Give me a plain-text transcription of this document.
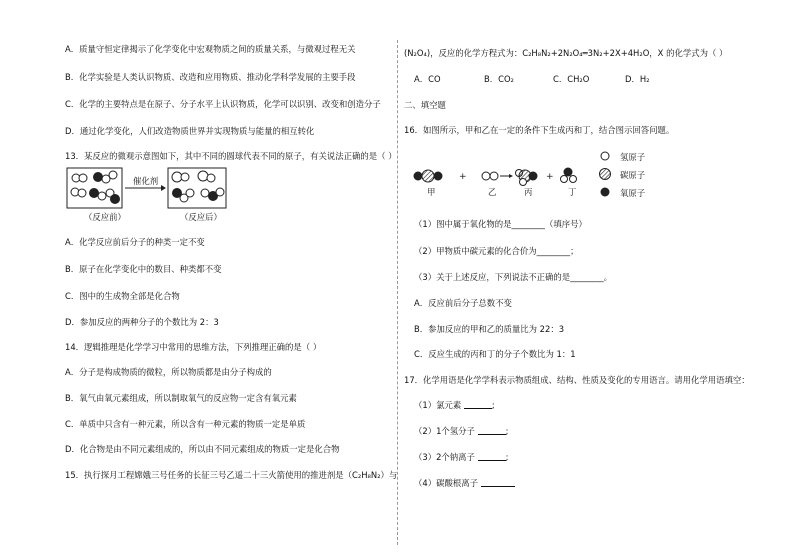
A．质量守恒定律揭示了化学变化中宏观物质之间的质量关系，与微观过程无关
B．化学实验是人类认识物质、改造和应用物质、推动化学科学发展的主要手段
C．化学的主要特点是在原子、分子水平上认识物质，化学可以识别、改变和创造分子
D．通过化学变化，人们改造物质世界并实现物质与能量的相互转化
13．某反应的微观示意图如下，其中不同的圆球代表不同的原子，有关说法正确的是（ ）
催化剂
（反应前）	（反应后）
A．化学反应前后分子的种类一定不变
B．原子在化学变化中的数目、种类都不变
C．图中的生成物全部是化合物
D．参加反应的两种分子的个数比为 2：3
14．逻辑推理是化学学习中常用的思维方法，下列推理正确的是（ ）
A．分子是构成物质的微粒，所以物质都是由分子构成的
B．氧气由氧元素组成，所以制取氧气的反应物一定含有氧元素
C．单质中只含有一种元素，所以含有一种元素的物质一定是单质
D．化合物是由不同元素组成的，所以由不同元素组成的物质一定是化合物
15．执行探月工程嫦娥三号任务的长征三号乙遥二十三火箭使用的推进剂是（C₂H₈N₂）与
(N₂O₄)，反应的化学方程式为：C₂H₈N₂+2N₂O₄═3N₂+2X+4H₂O，X 的化学式为（ ）
A．CO	B．CO₂	C．CH₂O	D．H₂
二、填空题
16．如图所示，甲和乙在一定的条件下生成丙和丁，结合图示回答问题。
+	+
甲	乙	丙	丁
氢原子
碳原子
氧原子
（1）图中属于氧化物的是________（填序号）
（2）甲物质中碳元素的化合价为________；
（3）关于上述反应，下列说法不正确的是________。
A．反应前后分子总数不变
B．参加反应的甲和乙的质量比为 22：3
C．反应生成的丙和丁的分子个数比为 1：1
17．化学用语是化学学科表示物质组成、结构、性质及变化的专用语言。请用化学用语填空：
（1）氯元素	;
（2）1个氢分子	;
（3）2个钠离子	;
（4）碳酸根离子
